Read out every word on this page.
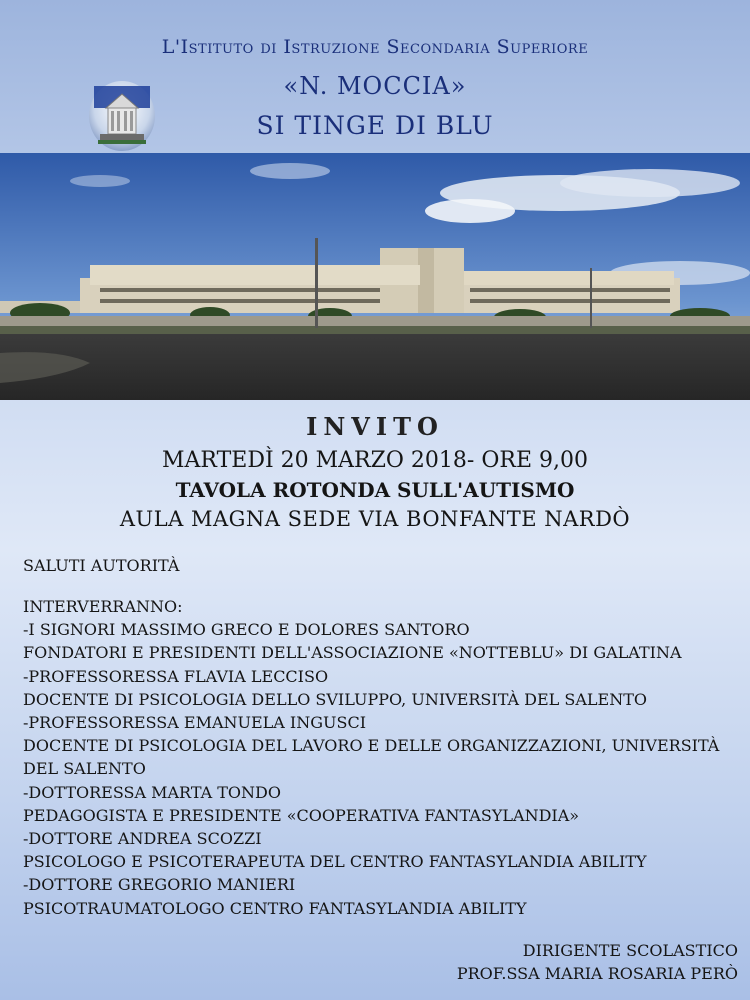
L'Istituto di Istruzione Secondaria Superiore
«N. MOCCIA»
SI TINGE DI BLU
INVITO
MARTEDÌ 20 MARZO 2018- ORE 9,00
TAVOLA ROTONDA SULL'AUTISMO
AULA MAGNA SEDE VIA BONFANTE NARDÒ
SALUTI AUTORITÀ
INTERVERRANNO:
-I SIGNORI MASSIMO GRECO E DOLORES SANTORO
FONDATORI E PRESIDENTI DELL'ASSOCIAZIONE «NOTTEBLU» DI GALATINA
-PROFESSORESSA FLAVIA LECCISO
DOCENTE DI PSICOLOGIA DELLO SVILUPPO, UNIVERSITÀ DEL SALENTO
-PROFESSORESSA EMANUELA INGUSCI
DOCENTE DI PSICOLOGIA DEL LAVORO E DELLE ORGANIZZAZIONI, UNIVERSITÀ
DEL SALENTO
-DOTTORESSA MARTA TONDO
PEDAGOGISTA E PRESIDENTE «COOPERATIVA FANTASYLANDIA»
-DOTTORE ANDREA SCOZZI
PSICOLOGO E PSICOTERAPEUTA DEL CENTRO FANTASYLANDIA ABILITY
-DOTTORE GREGORIO MANIERI
PSICOTRAUMATOLOGO CENTRO FANTASYLANDIA ABILITY
DIRIGENTE SCOLASTICO
PROF.SSA MARIA ROSARIA PERÒ
